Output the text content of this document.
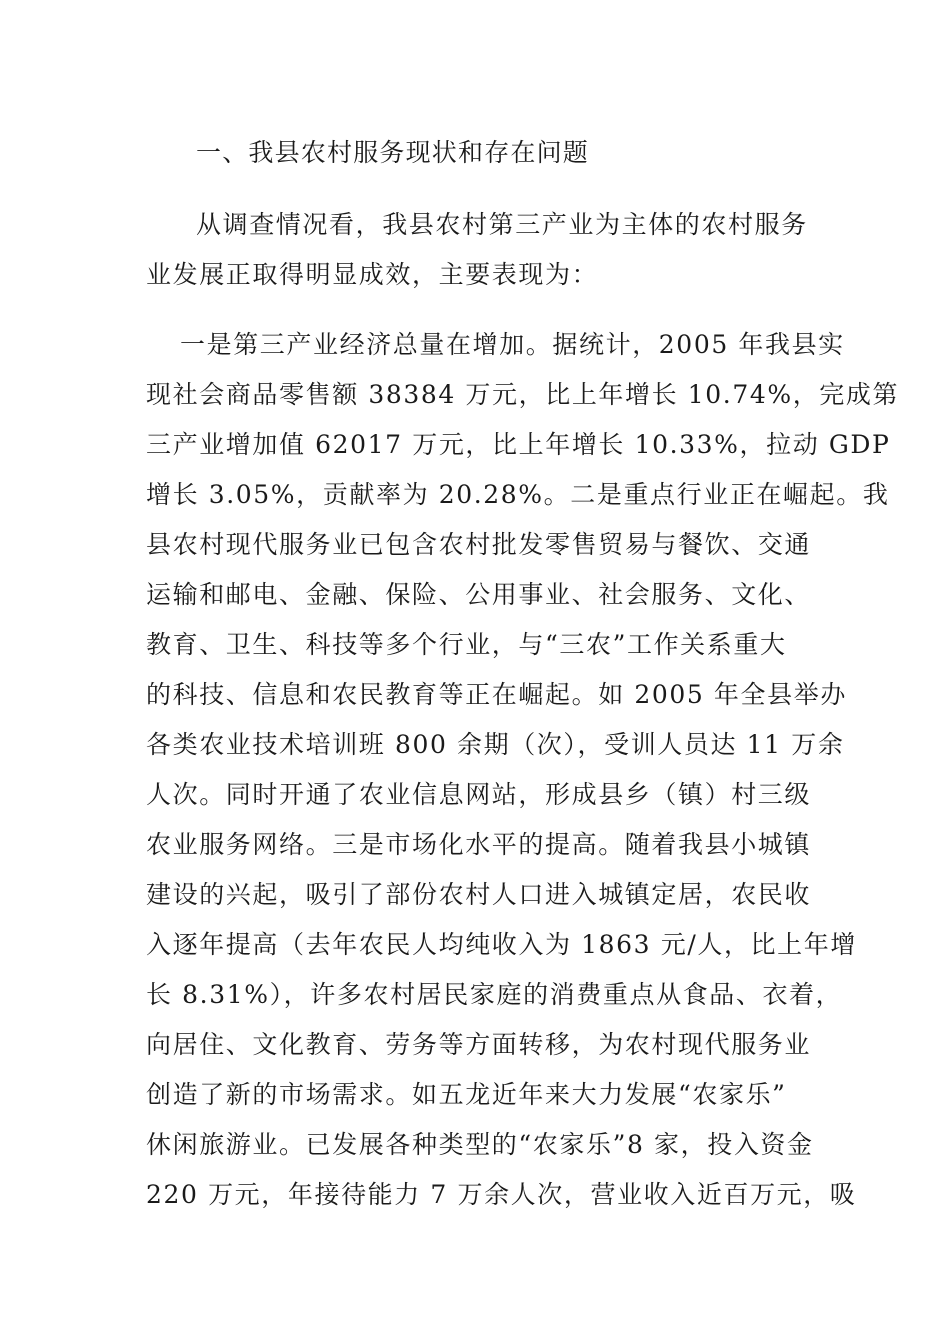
一、我县农村服务现状和存在问题
从调查情况看，我县农村第三产业为主体的农村服务
业发展正取得明显成效，主要表现为：
一是第三产业经济总量在增加。据统计，2005 年我县实
现社会商品零售额 38384 万元，比上年增长 10.74%，完成第
三产业增加值 62017 万元，比上年增长 10.33%，拉动 GDP
增长 3.05%，贡献率为 20.28%。二是重点行业正在崛起。我
县农村现代服务业已包含农村批发零售贸易与餐饮、交通
运输和邮电、金融、保险、公用事业、社会服务、文化、
教育、卫生、科技等多个行业，与“三农”工作关系重大
的科技、信息和农民教育等正在崛起。如 2005 年全县举办
各类农业技术培训班 800 余期（次），受训人员达 11 万余
人次。同时开通了农业信息网站，形成县乡（镇）村三级
农业服务网络。三是市场化水平的提高。随着我县小城镇
建设的兴起，吸引了部份农村人口进入城镇定居，农民收
入逐年提高（去年农民人均纯收入为 1863 元/人，比上年增
长 8.31%），许多农村居民家庭的消费重点从食品、衣着，
向居住、文化教育、劳务等方面转移，为农村现代服务业
创造了新的市场需求。如五龙近年来大力发展“农家乐”
休闲旅游业。已发展各种类型的“农家乐”8 家，投入资金
220 万元，年接待能力 7 万余人次，营业收入近百万元，吸
